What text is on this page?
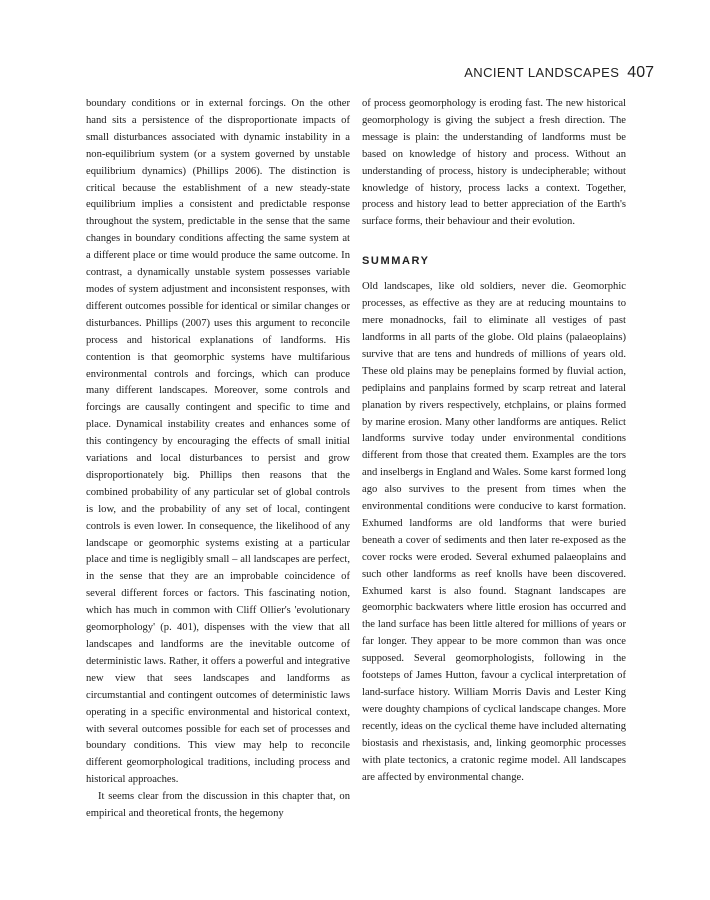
ANCIENT LANDSCAPES 407

boundary conditions or in external forcings. On the other hand sits a persistence of the disproportionate impacts of small disturbances associated with dynamic instability in a non-equilibrium system (or a system governed by unstable equilibrium dynamics) (Phillips 2006). The distinction is critical because the establishment of a new steady-state equilibrium implies a consistent and predictable response throughout the system, predictable in the sense that the same changes in boundary conditions affecting the same system at a different place or time would produce the same outcome. In contrast, a dynamically unstable system possesses variable modes of system adjustment and inconsistent responses, with different outcomes possible for identical or similar changes or disturbances. Phillips (2007) uses this argument to reconcile process and historical explanations of landforms. His contention is that geomorphic systems have multifarious environmental controls and forcings, which can produce many different landscapes. Moreover, some controls and forcings are causally contingent and specific to time and place. Dynamical instability creates and enhances some of this contingency by encouraging the effects of small initial variations and local disturbances to persist and grow disproportionately big. Phillips then reasons that the combined probability of any particular set of global controls is low, and the probability of any set of local, contingent controls is even lower. In consequence, the likelihood of any landscape or geomorphic systems existing at a particular place and time is negligibly small – all landscapes are perfect, in the sense that they are an improbable coincidence of several different forces or factors. This fascinating notion, which has much in common with Cliff Ollier's 'evolutionary geomorphology' (p. 401), dispenses with the view that all landscapes and landforms are the inevitable outcome of deterministic laws. Rather, it offers a powerful and integrative new view that sees landscapes and landforms as circumstantial and contingent outcomes of deterministic laws operating in a specific environmental and historical context, with several outcomes possible for each set of processes and boundary conditions. This view may help to reconcile different geomorphological traditions, including process and historical approaches.

It seems clear from the discussion in this chapter that, on empirical and theoretical fronts, the hegemony

of process geomorphology is eroding fast. The new historical geomorphology is giving the subject a fresh direction. The message is plain: the understanding of landforms must be based on knowledge of history and process. Without an understanding of process, history is undecipherable; without knowledge of history, process lacks a context. Together, process and history lead to better appreciation of the Earth's surface forms, their behaviour and their evolution.

SUMMARY

Old landscapes, like old soldiers, never die. Geomorphic processes, as effective as they are at reducing mountains to mere monadnocks, fail to eliminate all vestiges of past landforms in all parts of the globe. Old plains (palaeoplains) survive that are tens and hundreds of millions of years old. These old plains may be peneplains formed by fluvial action, pediplains and panplains formed by scarp retreat and lateral planation by rivers respectively, etchplains, or plains formed by marine erosion. Many other landforms are antiques. Relict landforms survive today under environmental conditions different from those that created them. Examples are the tors and inselbergs in England and Wales. Some karst formed long ago also survives to the present from times when the environmental conditions were conducive to karst formation. Exhumed landforms are old landforms that were buried beneath a cover of sediments and then later re-exposed as the cover rocks were eroded. Several exhumed palaeoplains and such other landforms as reef knolls have been discovered. Exhumed karst is also found. Stagnant landscapes are geomorphic backwaters where little erosion has occurred and the land surface has been little altered for millions of years or far longer. They appear to be more common than was once supposed. Several geomorphologists, following in the footsteps of James Hutton, favour a cyclical interpretation of land-surface history. William Morris Davis and Lester King were doughty champions of cyclical landscape changes. More recently, ideas on the cyclical theme have included alternating biostasis and rhexistasis, and, linking geomorphic processes with plate tectonics, a cratonic regime model. All landscapes are affected by environmental change.
